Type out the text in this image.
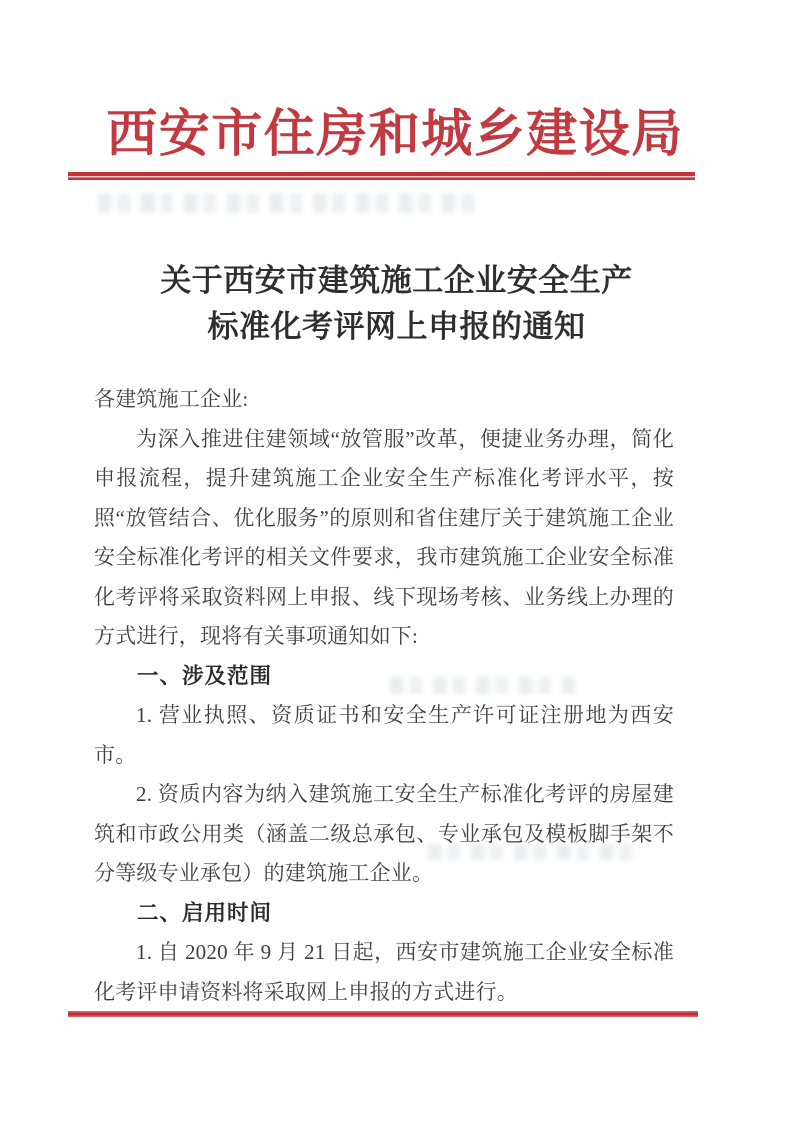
西安市住房和城乡建设局
关于西安市建筑施工企业安全生产
标准化考评网上申报的通知

各建筑施工企业:

为深入推进住建领域“放管服”改革，便捷业务办理，简化申报流程，提升建筑施工企业安全生产标准化考评水平，按照“放管结合、优化服务”的原则和省住建厅关于建筑施工企业安全标准化考评的相关文件要求，我市建筑施工企业安全标准化考评将采取资料网上申报、线下现场考核、业务线上办理的方式进行，现将有关事项通知如下:

一、涉及范围

1. 营业执照、资质证书和安全生产许可证注册地为西安市。

2. 资质内容为纳入建筑施工安全生产标准化考评的房屋建筑和市政公用类（涵盖二级总承包、专业承包及模板脚手架不分等级专业承包）的建筑施工企业。

二、启用时间

1. 自 2020 年 9 月 21 日起，西安市建筑施工企业安全标准化考评申请资料将采取网上申报的方式进行。
